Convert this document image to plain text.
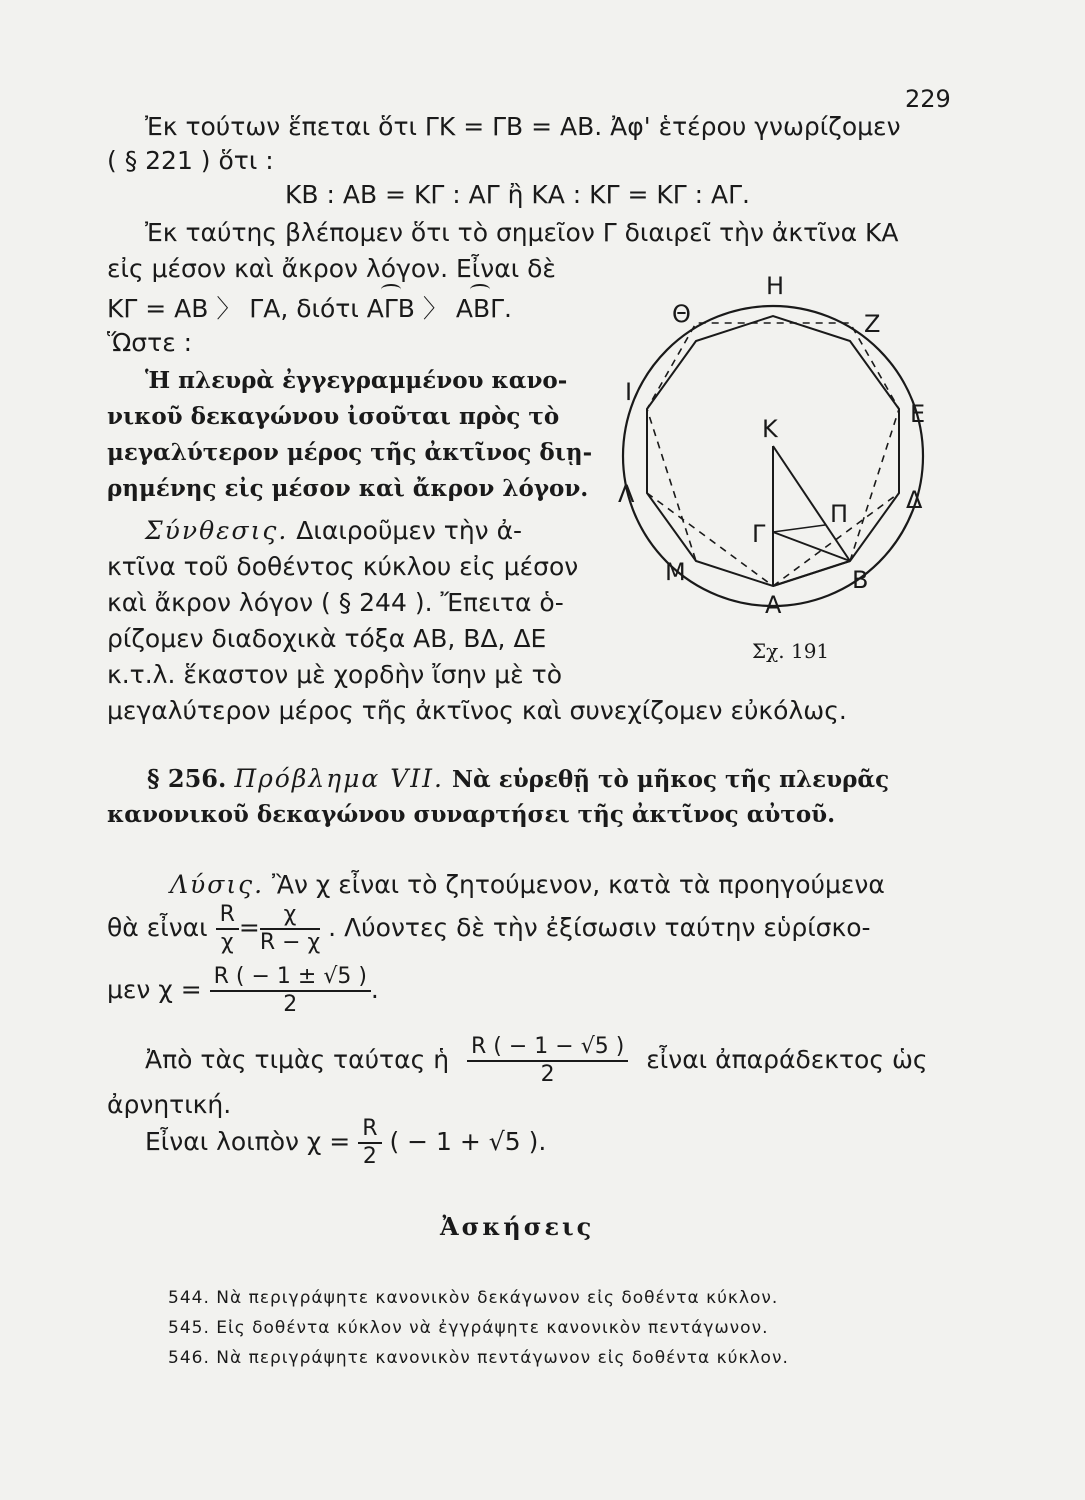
229
Ἐκ τούτων ἕπεται ὅτι ΓΚ = ΓΒ = ΑΒ. Ἀφ' ἑτέρου γνωρίζομεν
( § 221 ) ὅτι :
ΚΒ : ΑΒ = ΚΓ : ΑΓ ἢ ΚΑ : ΚΓ = ΚΓ : ΑΓ.
Ἐκ ταύτης βλέπομεν ὅτι τὸ σημεῖον Γ διαιρεῖ τὴν ἀκτῖνα ΚΑ
εἰς μέσον καὶ ἄκρον λόγον. Εἶναι δὲ
ΚΓ = ΑΒ 〉 ΓΑ, διότι ΑΓΒ 〉 ΑΒΓ.
Ὥστε :
Ἡ πλευρὰ ἐγγεγραμμένου κανο-
νικοῦ δεκαγώνου ἰσοῦται πρὸς τὸ
μεγαλύτερον μέρος τῆς ἀκτῖνος διῃ-
ρημένης εἰς μέσον καὶ ἄκρον λόγον.
Σύνθεσις. Διαιροῦμεν τὴν ἀ-
κτῖνα τοῦ δοθέντος κύκλου εἰς μέσον
καὶ ἄκρον λόγον ( § 244 ). Ἔπειτα ὁ-
ρίζομεν διαδοχικὰ τόξα ΑΒ, ΒΔ, ΔΕ
κ.τ.λ. ἕκαστον μὲ χορδὴν ἴσην μὲ τὸ
μεγαλύτερον μέρος τῆς ἀκτῖνος καὶ συνεχίζομεν εὐκόλως.
Η
Ζ
Θ
Ι
Ε
Κ
Λ	Δ
Γ
Π
Μ	Β
Α
Σχ. 191
§ 256. Πρόβλημα VII. Νὰ εὑρεθῇ τὸ μῆκος τῆς πλευρᾶς
κανονικοῦ δεκαγώνου συναρτήσει τῆς ἀκτῖνος αὐτοῦ.
Λύσις. Ἂν χ εἶναι τὸ ζητούμενον, κατὰ τὰ προηγούμενα
θὰ εἶναι $\frac{R}{\chi} = \frac{\chi}{R - \chi}$ . Λύοντες δὲ τὴν ἐξίσωσιν ταύτην εὑρίσκο-
μεν $\chi = \frac{R ( - 1 \pm √5 )}{2}$ .
Ἀπὸ τὰς τιμὰς ταύτας ἡ $\frac{R ( - 1 - √5 )}{2}$ εἶναι ἀπαράδεκτος ὡς
ἀρνητική.
Εἶναι λοιπὸν $\chi = \frac{R}{2}$ ( − 1 + √5 ).
Ἀσκήσεις
544. Νὰ περιγράψητε κανονικὸν δεκάγωνον εἰς δοθέντα κύκλον.
545. Εἰς δοθέντα κύκλον νὰ ἐγγράψητε κανονικὸν πεντάγωνον.
546. Νὰ περιγράψητε κανονικὸν πεντάγωνον εἰς δοθέντα κύκλον.
